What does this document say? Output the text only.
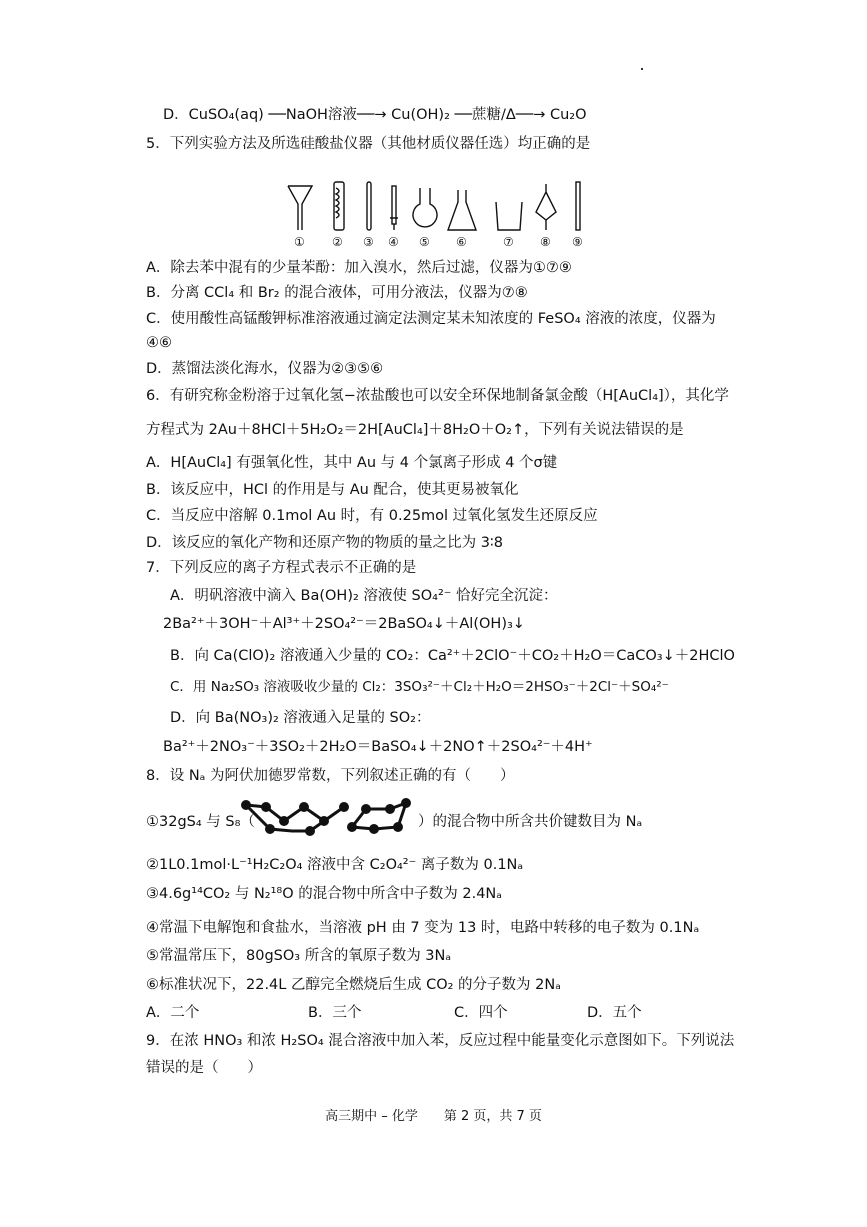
D．CuSO₄(aq) ──NaOH溶液──→ Cu(OH)₂ ──蔗糖/Δ──→ Cu₂O
5．下列实验方法及所选硅酸盐仪器（其他材质仪器任选）均正确的是
① ② ③ ④ ⑤ ⑥	⑦ ⑧ ⑨
A．除去苯中混有的少量苯酚：加入溴水，然后过滤，仪器为①⑦⑨
B．分离 CCl₄ 和 Br₂ 的混合液体，可用分液法，仪器为⑦⑧
C．使用酸性高锰酸钾标准溶液通过滴定法测定某未知浓度的 FeSO₄ 溶液的浓度，仪器为
④⑥
D．蒸馏法淡化海水，仪器为②③⑤⑥
6．有研究称金粉溶于过氧化氢−浓盐酸也可以安全环保地制备氯金酸（H[AuCl₄]），其化学
方程式为 2Au＋8HCl＋5H₂O₂＝2H[AuCl₄]＋8H₂O＋O₂↑，下列有关说法错误的是
A．H[AuCl₄] 有强氧化性，其中 Au 与 4 个氯离子形成 4 个σ键
B．该反应中，HCl 的作用是与 Au 配合，使其更易被氧化
C．当反应中溶解 0.1mol Au 时，有 0.25mol 过氧化氢发生还原反应
D．该反应的氧化产物和还原产物的物质的量之比为 3∶8
7．下列反应的离子方程式表示不正确的是
A．明矾溶液中滴入 Ba(OH)₂ 溶液使 SO₄²⁻ 恰好完全沉淀：
2Ba²⁺＋3OH⁻＋Al³⁺＋2SO₄²⁻＝2BaSO₄↓＋Al(OH)₃↓
B．向 Ca(ClO)₂ 溶液通入少量的 CO₂：Ca²⁺＋2ClO⁻＋CO₂＋H₂O＝CaCO₃↓＋2HClO
C．用 Na₂SO₃ 溶液吸收少量的 Cl₂：3SO₃²⁻＋Cl₂＋H₂O＝2HSO₃⁻＋2Cl⁻＋SO₄²⁻
D．向 Ba(NO₃)₂ 溶液通入足量的 SO₂：
Ba²⁺＋2NO₃⁻＋3SO₂＋2H₂O＝BaSO₄↓＋2NO↑＋2SO₄²⁻＋4H⁺
8．设 Nₐ 为阿伏加德罗常数，下列叙述正确的有（　　）
①32gS₄ 与 S₈（	）的混合物中所含共价键数目为 Nₐ
②1L0.1mol·L⁻¹H₂C₂O₄ 溶液中含 C₂O₄²⁻ 离子数为 0.1Nₐ
③4.6g¹⁴CO₂ 与 N₂¹⁸O 的混合物中所含中子数为 2.4Nₐ
④常温下电解饱和食盐水，当溶液 pH 由 7 变为 13 时，电路中转移的电子数为 0.1Nₐ
⑤常温常压下，80gSO₃ 所含的氧原子数为 3Nₐ
⑥标准状况下，22.4L 乙醇完全燃烧后生成 CO₂ 的分子数为 2Nₐ
A．二个	B．三个	C．四个	D．五个
9．在浓 HNO₃ 和浓 H₂SO₄ 混合溶液中加入苯，反应过程中能量变化示意图如下。下列说法
错误的是（　　）
高三期中 – 化学　　第 2 页，共 7 页
